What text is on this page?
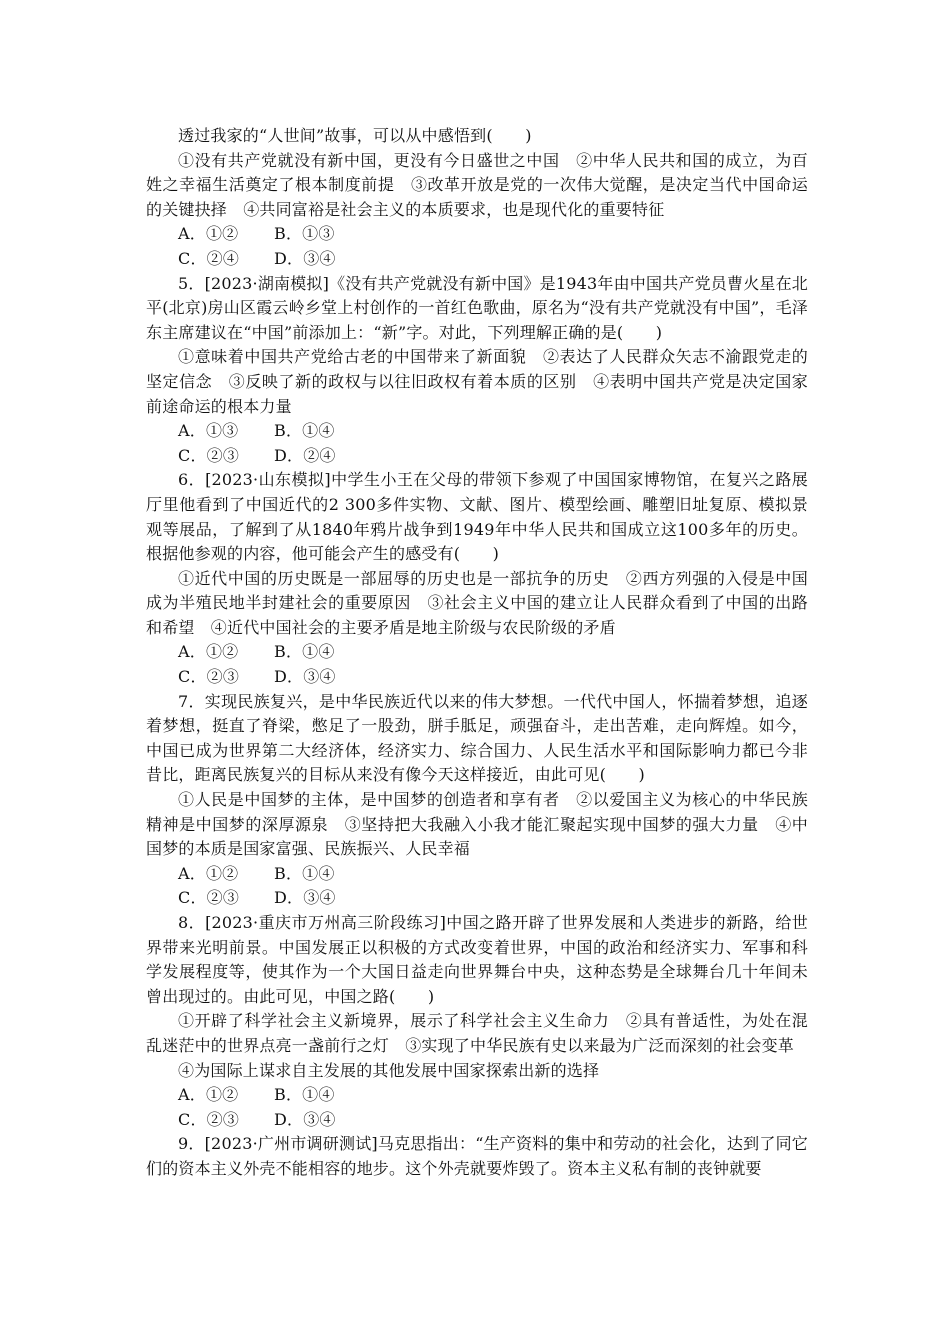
透过我家的“人世间”故事，可以从中感悟到(　　)

①没有共产党就没有新中国，更没有今日盛世之中国　②中华人民共和国的成立，为百姓之幸福生活奠定了根本制度前提　③改革开放是党的一次伟大觉醒，是决定当代中国命运的关键抉择　④共同富裕是社会主义的本质要求，也是现代化的重要特征

A．①② B．①③
C．②④ D．③④

5．[2023·湖南模拟]《没有共产党就没有新中国》是1943年由中国共产党员曹火星在北平(北京)房山区霞云岭乡堂上村创作的一首红色歌曲，原名为“没有共产党就没有中国”，毛泽东主席建议在“中国”前添加上：“新”字。对此，下列理解正确的是(　　)

①意味着中国共产党给古老的中国带来了新面貌　②表达了人民群众矢志不渝跟党走的坚定信念　③反映了新的政权与以往旧政权有着本质的区别　④表明中国共产党是决定国家前途命运的根本力量

A．①③ B．①④
C．②③ D．②④

6．[2023·山东模拟]中学生小王在父母的带领下参观了中国国家博物馆，在复兴之路展厅里他看到了中国近代的2 300多件实物、文献、图片、模型绘画、雕塑旧址复原、模拟景观等展品，了解到了从1840年鸦片战争到1949年中华人民共和国成立这100多年的历史。根据他参观的内容，他可能会产生的感受有(　　)

①近代中国的历史既是一部屈辱的历史也是一部抗争的历史　②西方列强的入侵是中国成为半殖民地半封建社会的重要原因　③社会主义中国的建立让人民群众看到了中国的出路和希望　④近代中国社会的主要矛盾是地主阶级与农民阶级的矛盾

A．①② B．①④
C．②③ D．③④

7．实现民族复兴，是中华民族近代以来的伟大梦想。一代代中国人，怀揣着梦想，追逐着梦想，挺直了脊梁，憋足了一股劲，胼手胝足，顽强奋斗，走出苦难，走向辉煌。如今，中国已成为世界第二大经济体，经济实力、综合国力、人民生活水平和国际影响力都已今非昔比，距离民族复兴的目标从来没有像今天这样接近，由此可见(　　)

①人民是中国梦的主体，是中国梦的创造者和享有者　②以爱国主义为核心的中华民族精神是中国梦的深厚源泉　③坚持把大我融入小我才能汇聚起实现中国梦的强大力量　④中国梦的本质是国家富强、民族振兴、人民幸福

A．①② B．①④
C．②③ D．③④

8．[2023·重庆市万州高三阶段练习]中国之路开辟了世界发展和人类进步的新路，给世界带来光明前景。中国发展正以积极的方式改变着世界，中国的政治和经济实力、军事和科学发展程度等，使其作为一个大国日益走向世界舞台中央，这种态势是全球舞台几十年间未曾出现过的。由此可见，中国之路(　　)

①开辟了科学社会主义新境界，展示了科学社会主义生命力　②具有普适性，为处在混乱迷茫中的世界点亮一盏前行之灯　③实现了中华民族有史以来最为广泛而深刻的社会变革

④为国际上谋求自主发展的其他发展中国家探索出新的选择

A．①② B．①④
C．②③ D．③④

9．[2023·广州市调研测试]马克思指出：“生产资料的集中和劳动的社会化，达到了同它们的资本主义外壳不能相容的地步。这个外壳就要炸毁了。资本主义私有制的丧钟就要
